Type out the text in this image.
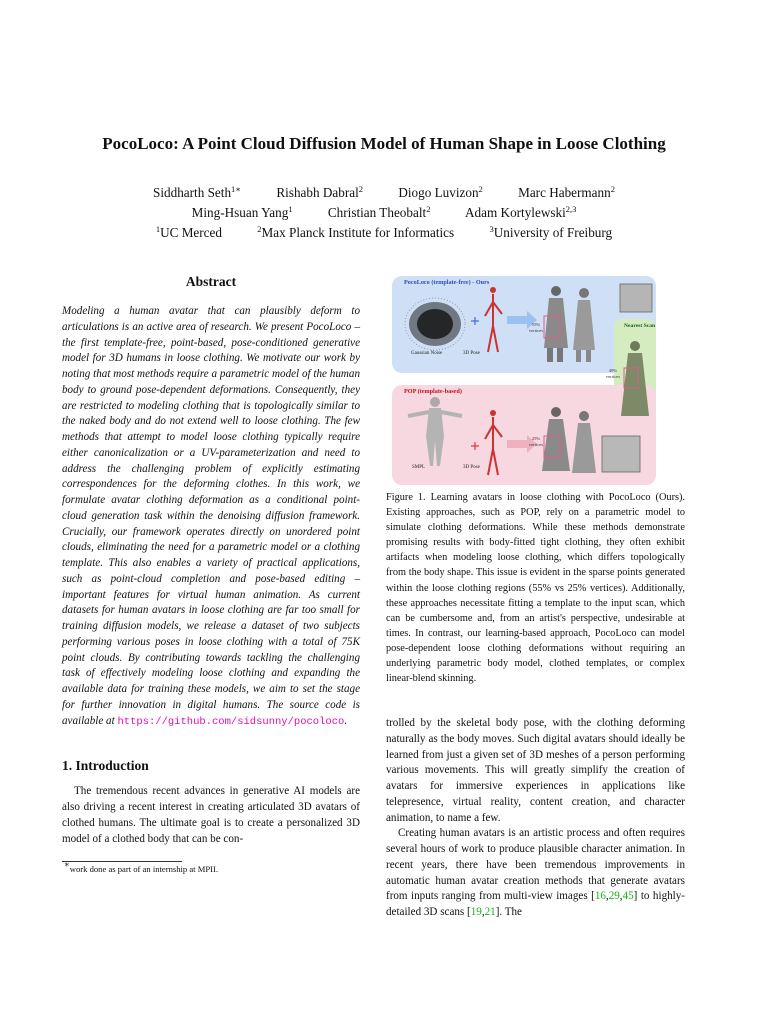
PocoLoco: A Point Cloud Diffusion Model of Human Shape in Loose Clothing
Siddharth Seth$^{1∗}$	Rishabh Dabral$^2$	Diogo Luvizon$^2$	Marc Habermann$^2$
Ming-Hsuan Yang$^1$	Christian Theobalt$^2$	Adam Kortylewski$^{2,3}$
$^1$UC Merced	$^2$Max Planck Institute for Informatics	$^3$University of Freiburg
Abstract

Modeling a human avatar that can plausibly deform to articulations is an active area of research. We present PocoLoco – the first template-free, point-based, pose-conditioned generative model for 3D humans in loose clothing. We motivate our work by noting that most methods require a parametric model of the human body to ground pose-dependent deformations. Consequently, they are restricted to modeling clothing that is topologically similar to the naked body and do not extend well to loose clothing. The few methods that attempt to model loose clothing typically require either canonicalization or a UV-parameterization and need to address the challenging problem of explicitly estimating correspondences for the deforming clothes. In this work, we formulate avatar clothing deformation as a conditional point-cloud generation task within the denoising diffusion framework. Crucially, our framework operates directly on unordered point clouds, eliminating the need for a parametric model or a clothing template. This also enables a variety of practical applications, such as point-cloud completion and pose-based editing – important features for virtual human animation. As current datasets for human avatars in loose clothing are far too small for training diffusion models, we release a dataset of two subjects performing various poses in loose clothing with a total of 75K point clouds. By contributing towards tackling the challenging task of effectively modeling loose clothing and expanding the available data for training these models, we aim to set the stage for further innovation in digital humans. The source code is available at https://github.com/sidsunny/pocoloco.

1. Introduction

The tremendous recent advances in generative AI models are also driving a recent interest in creating articulated 3D avatars of clothed humans. The ultimate goal is to create a personalized 3D model of a clothed body that can be con-

∗work done as part of an internship at MPII.
PocoLoco (template-free) - Ours
POP (template-based)
Nearest Scan
Gaussian Noise	3D Pose
SMPL	3D Pose
55%
vertices
49%
vertices
25%
vertices

Figure 1. Learning avatars in loose clothing with PocoLoco (Ours). Existing approaches, such as POP, rely on a parametric model to simulate clothing deformations. While these methods demonstrate promising results with body-fitted tight clothing, they often exhibit artifacts when modeling loose clothing, which differs topologically from the body shape. This issue is evident in the sparse points generated within the loose clothing regions (55% vs 25% vertices). Additionally, these approaches necessitate fitting a template to the input scan, which can be cumbersome and, from an artist's perspective, undesirable at times. In contrast, our learning-based approach, PocoLoco can model pose-dependent loose clothing deformations without requiring an underlying parametric body model, clothed templates, or complex linear-blend skinning.

trolled by the skeletal body pose, with the clothing deforming naturally as the body moves. Such digital avatars should ideally be learned from just a given set of 3D meshes of a person performing various movements. This will greatly simplify the creation of avatars for immersive experiences in applications like telepresence, virtual reality, content creation, and character animation, to name a few.

Creating human avatars is an artistic process and often requires several hours of work to produce plausible character animation. In recent years, there have been tremendous improvements in automatic human avatar creation methods that generate avatars from inputs ranging from multi-view images [16,29,45] to highly-detailed 3D scans [19,21]. The
